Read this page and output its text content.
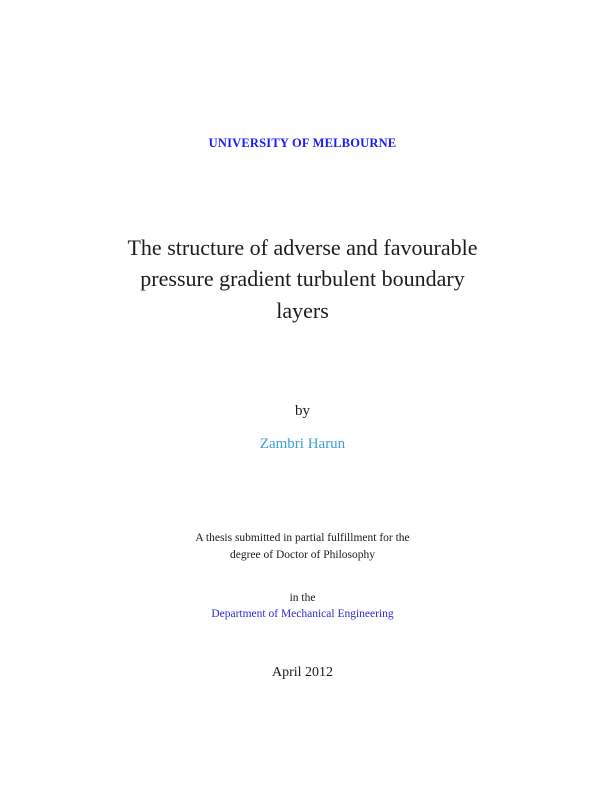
UNIVERSITY OF MELBOURNE
The structure of adverse and favourable
pressure gradient turbulent boundary
layers
by
Zambri Harun
A thesis submitted in partial fulfillment for the
degree of Doctor of Philosophy
in the
Department of Mechanical Engineering
April 2012
